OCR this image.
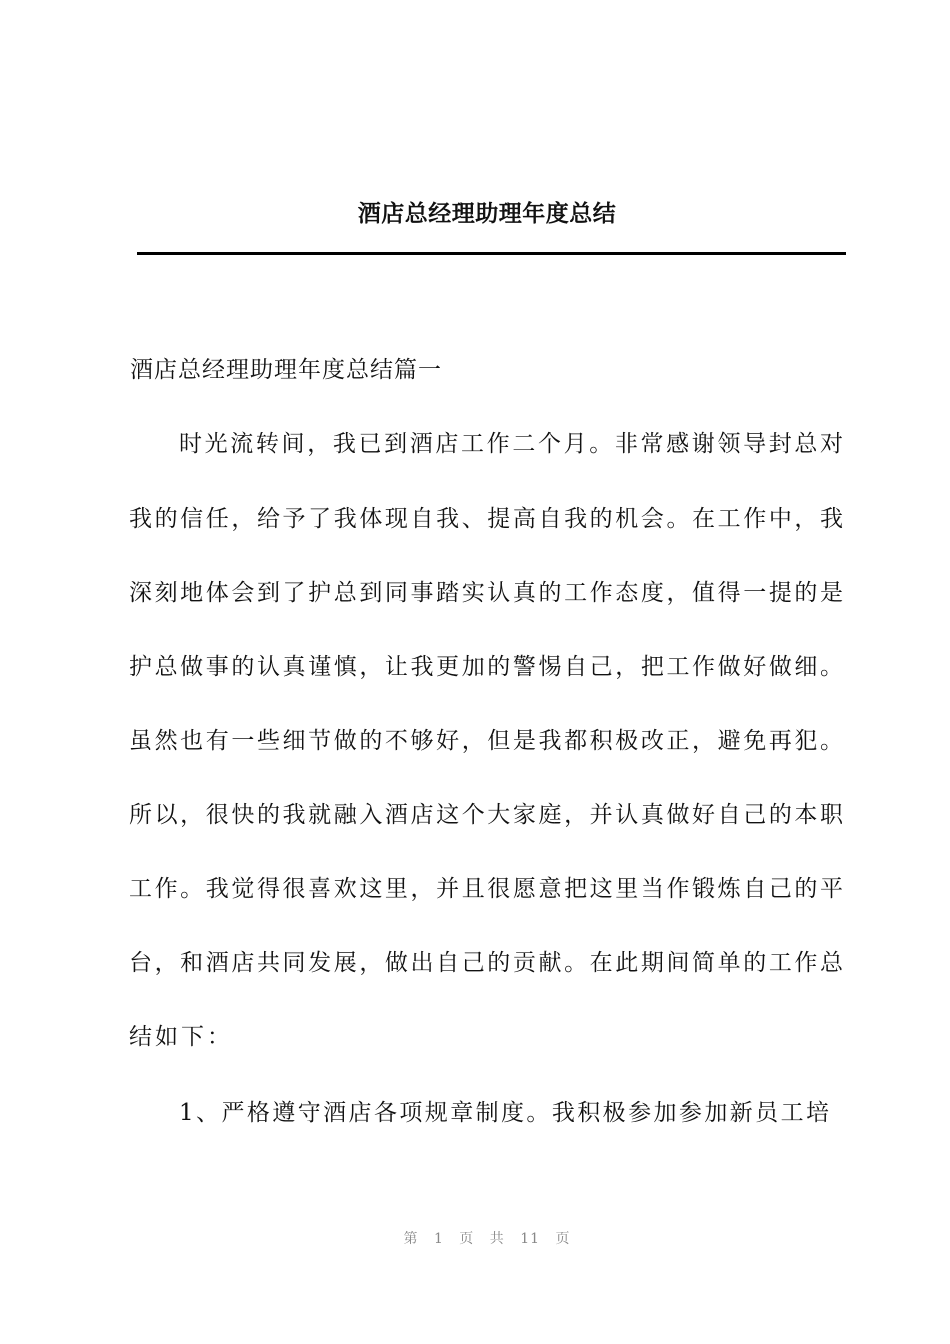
酒店总经理助理年度总结
酒店总经理助理年度总结篇一
时光流转间，我已到酒店工作二个月。非常感谢领导封总对
我的信任，给予了我体现自我、提高自我的机会。在工作中，我
深刻地体会到了护总到同事踏实认真的工作态度，值得一提的是
护总做事的认真谨慎，让我更加的警惕自己，把工作做好做细。
虽然也有一些细节做的不够好，但是我都积极改正，避免再犯。
所以，很快的我就融入酒店这个大家庭，并认真做好自己的本职
工作。我觉得很喜欢这里，并且很愿意把这里当作锻炼自己的平
台，和酒店共同发展，做出自己的贡献。在此期间简单的工作总
结如下：
1、严格遵守酒店各项规章制度。我积极参加参加新员工培
第 1 页 共 11 页
